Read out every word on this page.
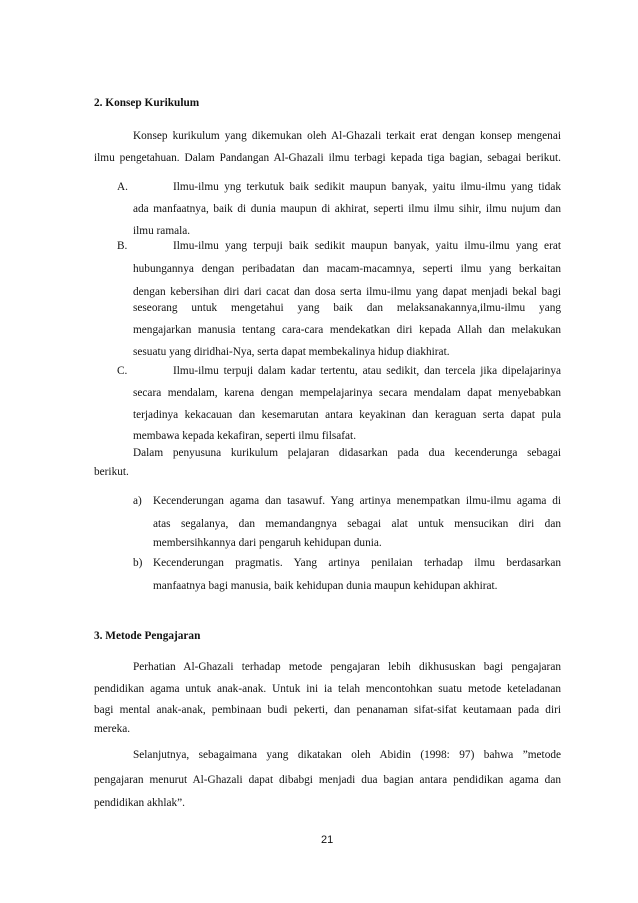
2. Konsep Kurikulum
Konsep kurikulum yang dikemukan oleh Al-Ghazali terkait erat dengan konsep mengenai
ilmu pengetahuan. Dalam Pandangan Al-Ghazali ilmu terbagi kepada tiga bagian, sebagai berikut.
A.	Ilmu-ilmu yng terkutuk baik sedikit maupun banyak, yaitu ilmu-ilmu yang tidak
ada manfaatnya, baik di dunia maupun di akhirat, seperti ilmu ilmu sihir, ilmu nujum dan
ilmu ramala.
B.	Ilmu-ilmu yang terpuji baik sedikit maupun banyak, yaitu ilmu-ilmu yang erat
hubungannya dengan peribadatan dan macam-macamnya, seperti ilmu yang berkaitan
dengan kebersihan diri dari cacat dan dosa serta ilmu-ilmu yang dapat menjadi bekal bagi
seseorang untuk mengetahui yang baik dan melaksanakannya,ilmu-ilmu yang
mengajarkan manusia tentang cara-cara mendekatkan diri kepada Allah dan melakukan
sesuatu yang diridhai-Nya, serta dapat membekalinya hidup diakhirat.
C.	Ilmu-ilmu terpuji dalam kadar tertentu, atau sedikit, dan tercela jika dipelajarinya
secara mendalam, karena dengan mempelajarinya secara mendalam dapat menyebabkan
terjadinya kekacauan dan kesemarutan antara keyakinan dan keraguan serta dapat pula
membawa kepada kekafiran, seperti ilmu filsafat.
Dalam penyusuna kurikulum pelajaran didasarkan pada dua kecenderunga sebagai
berikut.
a) Kecenderungan agama dan tasawuf. Yang artinya menempatkan ilmu-ilmu agama di
atas segalanya, dan memandangnya sebagai alat untuk mensucikan diri dan
membersihkannya dari pengaruh kehidupan dunia.
b) Kecenderungan pragmatis. Yang artinya penilaian terhadap ilmu berdasarkan
manfaatnya bagi manusia, baik kehidupan dunia maupun kehidupan akhirat.
3. Metode Pengajaran
Perhatian Al-Ghazali terhadap metode pengajaran lebih dikhususkan bagi pengajaran
pendidikan agama untuk anak-anak. Untuk ini ia telah mencontohkan suatu metode keteladanan
bagi mental anak-anak, pembinaan budi pekerti, dan penanaman sifat-sifat keutamaan pada diri
mereka.
Selanjutnya, sebagaimana yang dikatakan oleh Abidin (1998: 97) bahwa ”metode
pengajaran menurut Al-Ghazali dapat dibabgi menjadi dua bagian antara pendidikan agama dan
pendidikan akhlak”.
21
